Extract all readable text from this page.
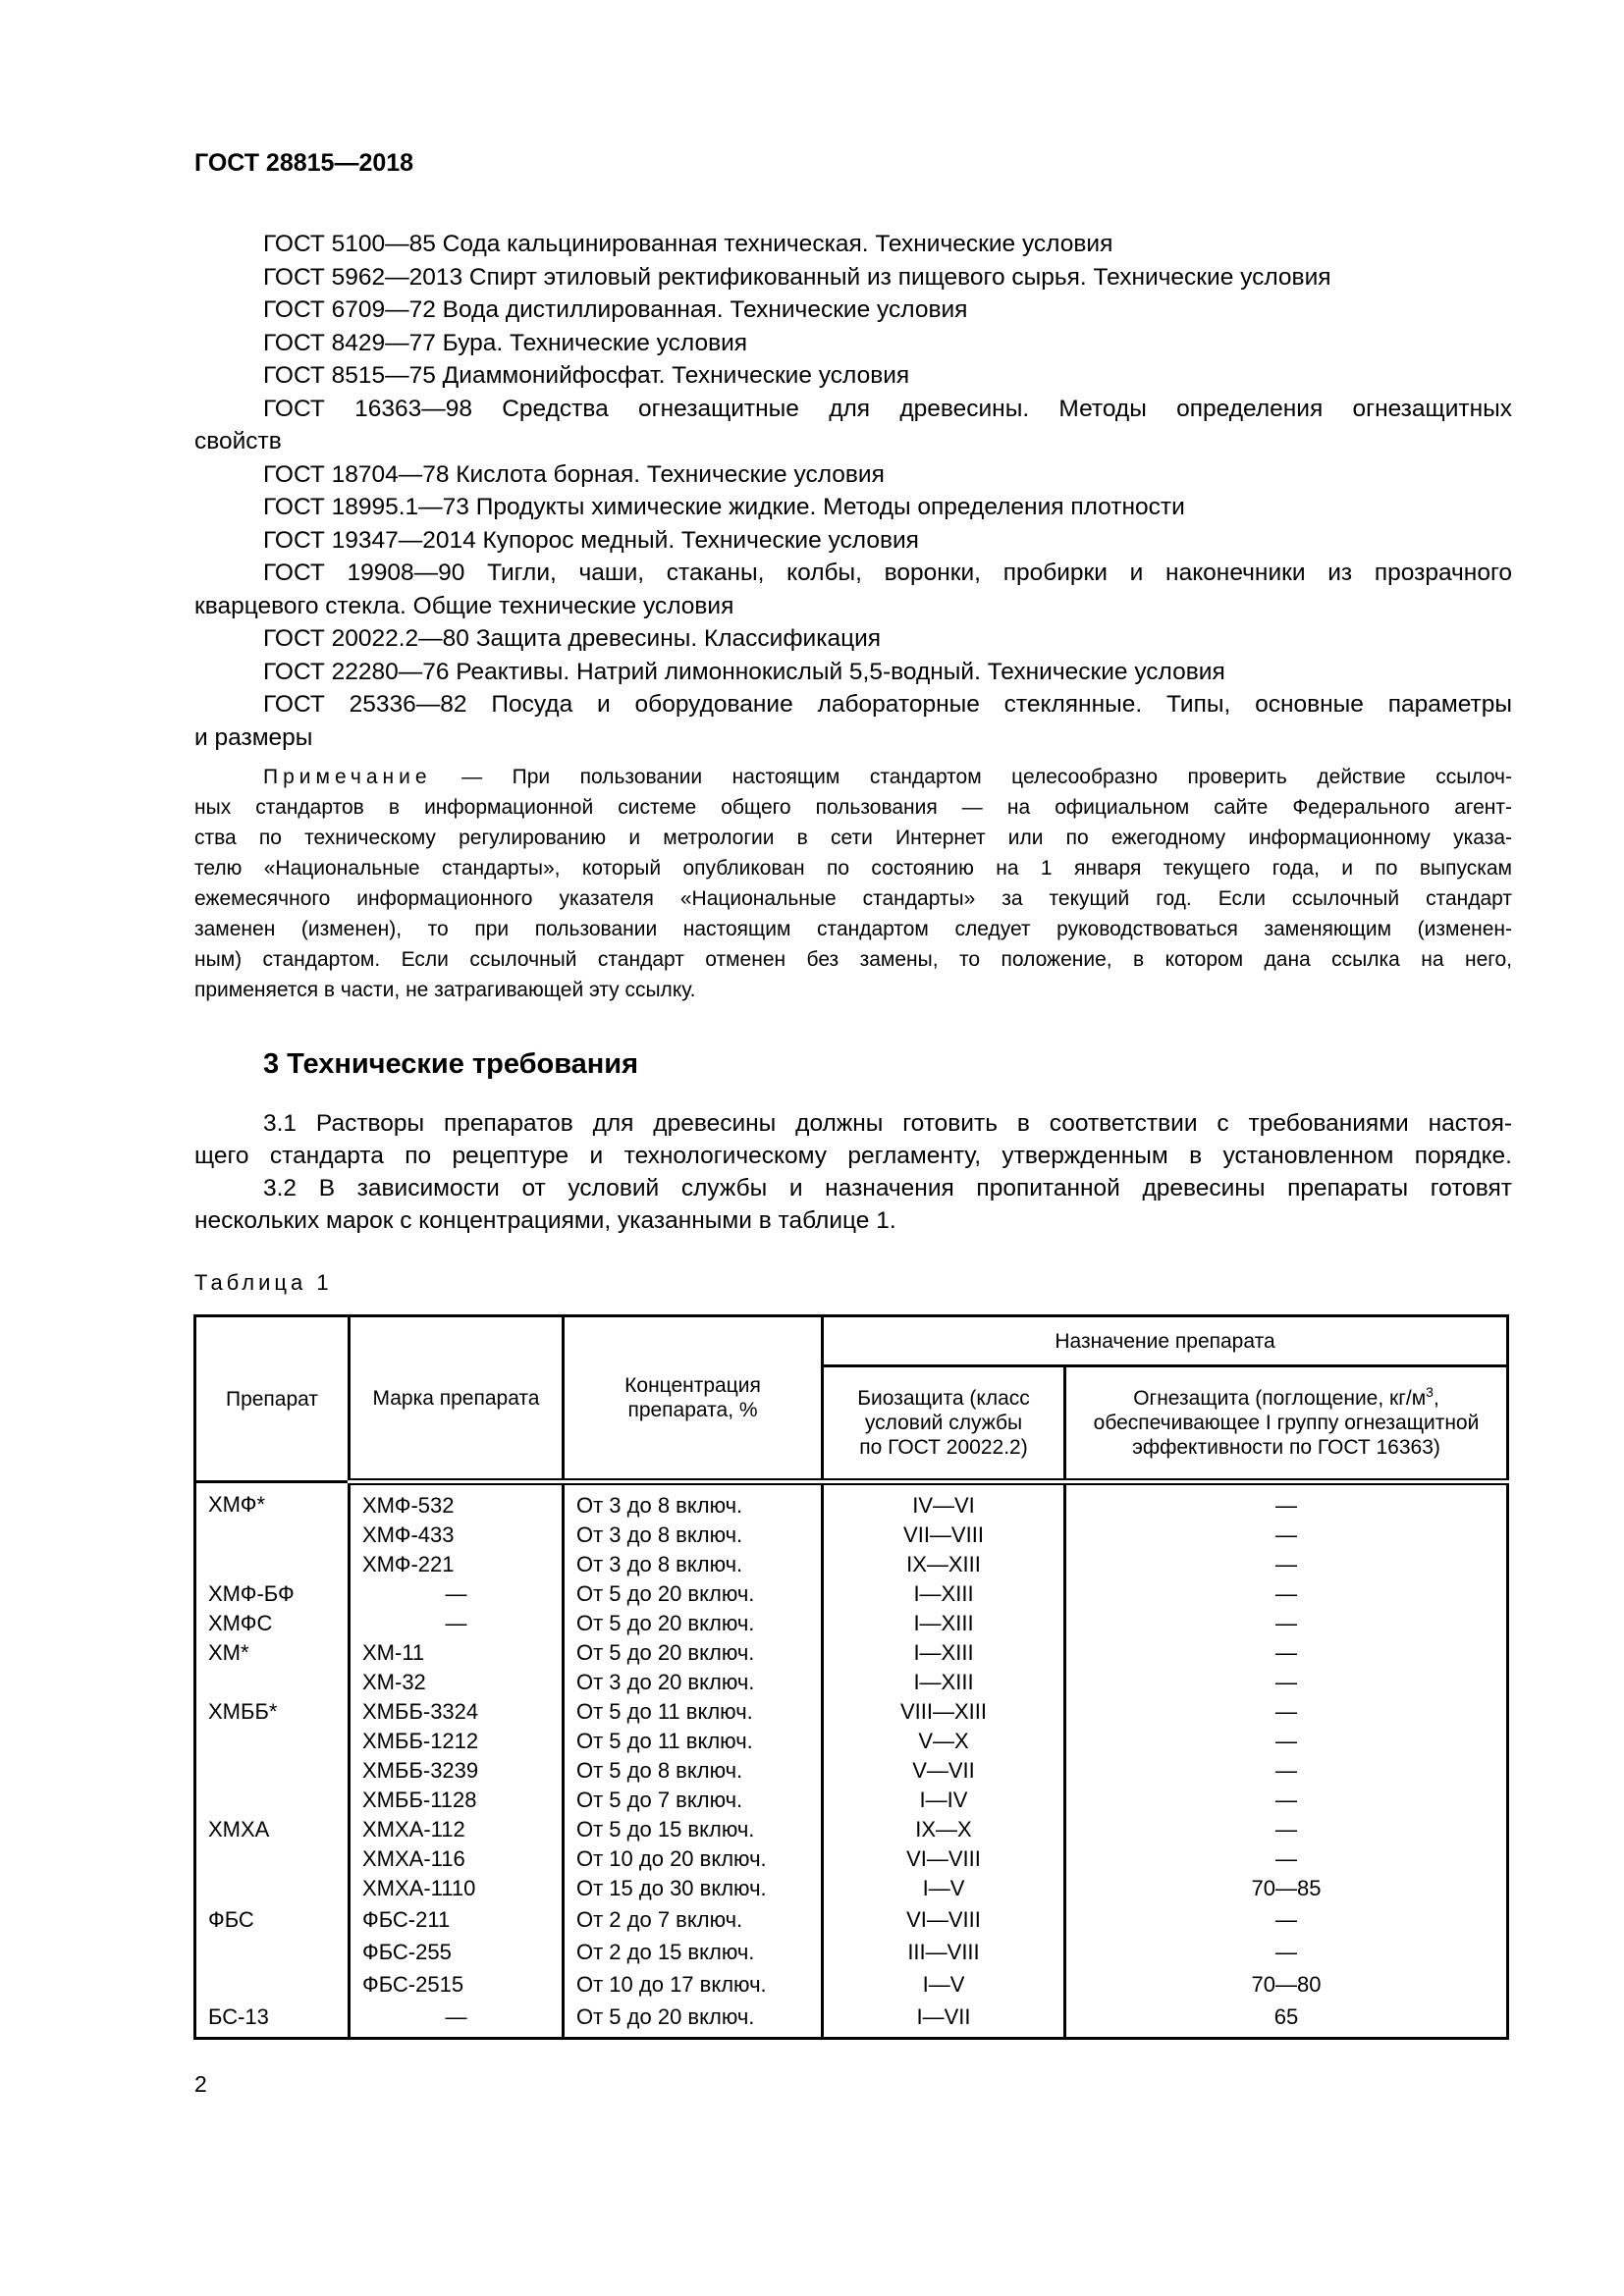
ГОСТ 28815—2018
ГОСТ 5100—85 Сода кальцинированная техническая. Технические условия
ГОСТ 5962—2013 Спирт этиловый ректификованный из пищевого сырья. Технические условия
ГОСТ 6709—72 Вода дистиллированная. Технические условия
ГОСТ 8429—77 Бура. Технические условия
ГОСТ 8515—75 Диаммонийфосфат. Технические условия
ГОСТ 16363—98 Средства огнезащитные для древесины. Методы определения огнезащитных
свойств
ГОСТ 18704—78 Кислота борная. Технические условия
ГОСТ 18995.1—73 Продукты химические жидкие. Методы определения плотности
ГОСТ 19347—2014 Купорос медный. Технические условия
ГОСТ 19908—90 Тигли, чаши, стаканы, колбы, воронки, пробирки и наконечники из прозрачного
кварцевого стекла. Общие технические условия
ГОСТ 20022.2—80 Защита древесины. Классификация
ГОСТ 22280—76 Реактивы. Натрий лимоннокислый 5,5-водный. Технические условия
ГОСТ 25336—82 Посуда и оборудование лабораторные стеклянные. Типы, основные параметры
и размеры
Примечание — При пользовании настоящим стандартом целесообразно проверить действие ссылоч-
ных стандартов в информационной системе общего пользования — на официальном сайте Федерального агент-
ства по техническому регулированию и метрологии в сети Интернет или по ежегодному информационному указа-
телю «Национальные стандарты», который опубликован по состоянию на 1 января текущего года, и по выпускам
ежемесячного информационного указателя «Национальные стандарты» за текущий год. Если ссылочный стандарт
заменен (изменен), то при пользовании настоящим стандартом следует руководствоваться заменяющим (изменен-
ным) стандартом. Если ссылочный стандарт отменен без замены, то положение, в котором дана ссылка на него,
применяется в части, не затрагивающей эту ссылку.
3 Технические требования
3.1 Растворы препаратов для древесины должны готовить в соответствии с требованиями настоя-
щего стандарта по рецептуре и технологическому регламенту, утвержденным в установленном порядке.
3.2 В зависимости от условий службы и назначения пропитанной древесины препараты готовят
нескольких марок с концентрациями, указанными в таблице 1.
Таблица 1
Препарат	Марка препарата	Концентрация препарата, %	Назначение препарата	
			Биозащита (класс условий службы по ГОСТ 20022.2)	Огнезащита (поглощение, $кг/м^3$, обеспечивающее I группу огнезащитной эффективности по ГОСТ 16363)
ХМФ*	ХМФ-532	От 3 до 8 включ.	IV—VI	—
	ХМФ-433	От 3 до 8 включ.	VII—VIII	—
	ХМФ-221	От 3 до 8 включ.	IX—XIII	—
ХМФ-БФ	—	От 5 до 20 включ.	I—XIII	—
ХМФС	—	От 5 до 20 включ.	I—XIII	—
ХМ*	ХМ-11	От 5 до 20 включ.	I—XIII	—
	ХМ-32	От 3 до 20 включ.	I—XIII	—
ХМББ*	ХМББ-3324	От 5 до 11 включ.	VIII—XIII	—
	ХМББ-1212	От 5 до 11 включ.	V—X	—
	ХМББ-3239	От 5 до 8 включ.	V—VII	—
	ХМББ-1128	От 5 до 7 включ.	I—IV	—
ХМХА	ХМХА-112	От 5 до 15 включ.	IX—X	—
	ХМХА-116	От 10 до 20 включ.	VI—VIII	—
	ХМХА-1110	От 15 до 30 включ.	I—V	70—85
ФБС	ФБС-211	От 2 до 7 включ.	VI—VIII	—
	ФБС-255	От 2 до 15 включ.	III—VIII	—
	ФБС-2515	От 10 до 17 включ.	I—V	70—80
БС-13	—	От 5 до 20 включ.	I—VII	65
2
